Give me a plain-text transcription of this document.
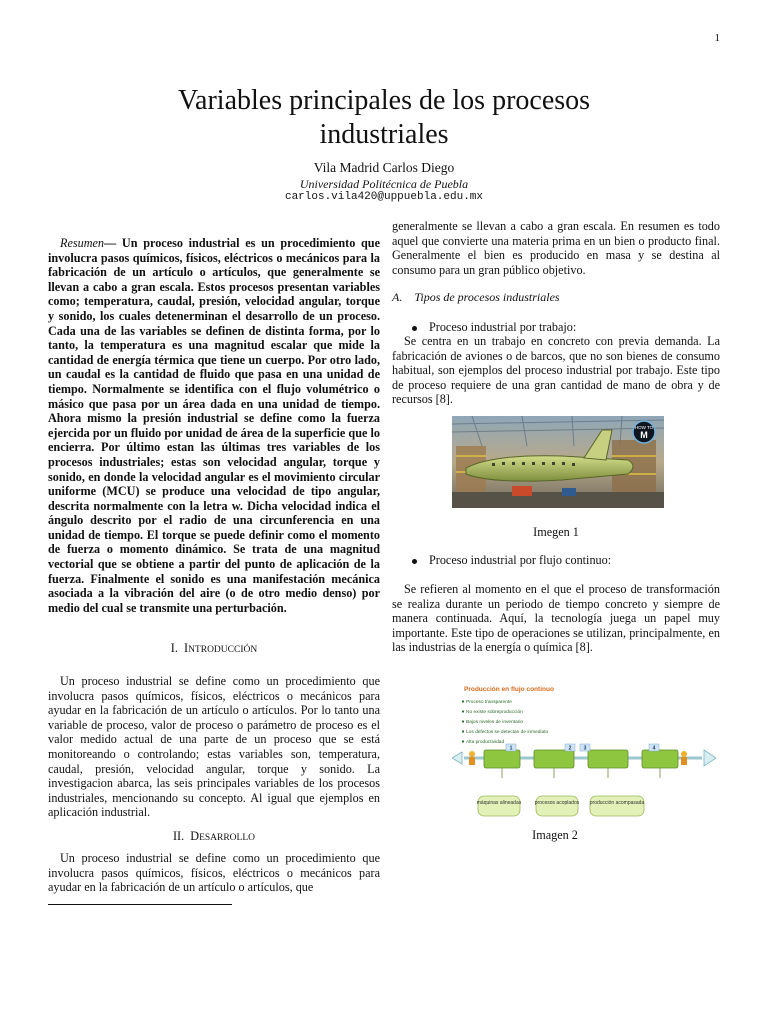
1
Variables principales de los procesos
industriales
Vila Madrid Carlos Diego
Universidad Politécnica de Puebla
carlos.vila420@uppuebla.edu.mx
Resumen— Un proceso industrial es un procedimiento que involucra pasos químicos, físicos, eléctricos o mecánicos para la fabricación de un artículo o artículos, que generalmente se llevan a cabo a gran escala. Estos procesos presentan variables como; temperatura, caudal, presión, velocidad angular, torque y sonido, los cuales detenerminan el desarrollo de un proceso. Cada una de las variables se definen de distinta forma, por lo tanto, la temperatura es una magnitud escalar que mide la cantidad de energía térmica que tiene un cuerpo. Por otro lado, un caudal es la cantidad de fluido que pasa en una unidad de tiempo. Normalmente se identifica con el flujo volumétrico o másico que pasa por un área dada en una unidad de tiempo. Ahora mismo la presión industrial se define como la fuerza ejercida por un fluido por unidad de área de la superficie que lo encierra. Por último estan las últimas tres variables de los procesos industriales; estas son velocidad angular, torque y sonido, en donde la velocidad angular es el movimiento circular uniforme (MCU) se produce una velocidad de tipo angular, descrita normalmente con la letra w. Dicha velocidad indica el ángulo descrito por el radio de una circunferencia en una unidad de tiempo. El torque se puede definir como el momento de fuerza o momento dinámico. Se trata de una magnitud vectorial que se obtiene a partir del punto de aplicación de la fuerza. Finalmente el sonido es una manifestación mecánica asociada a la vibración del aire (o de otro medio denso) por medio del cual se transmite una perturbación.
I. INTRODUCCIÓN
Un proceso industrial se define como un procedimiento que involucra pasos químicos, físicos, eléctricos o mecánicos para ayudar en la fabricación de un artículo o artículos. Por lo tanto una variable de proceso, valor de proceso o parámetro de proceso es el valor medido actual de una parte de un proceso que se está monitoreando o controlando; estas variables son, temperatura, caudal, presión, velocidad angular, torque y sonido. La investigacion abarca, las seis principales variables de los procesos industriales, mencionando su concepto. Al igual que ejemplos en aplicación industrial.
II. DESARROLLO
Un proceso industrial se define como un procedimiento que involucra pasos químicos, físicos, eléctricos o mecánicos para ayudar en la fabricación de un artículo o artículos, que
generalmente se llevan a cabo a gran escala. En resumen es todo aquel que convierte una materia prima en un bien o producto final. Generalmente el bien es producido en masa y se destina al consumo para un gran público objetivo.
A. Tipos de procesos industriales
Proceso industrial por trabajo:
Se centra en un trabajo en concreto con previa demanda. La fabricación de aviones o de barcos, que no son bienes de consumo habitual, son ejemplos del proceso industrial por trabajo. Este tipo de proceso requiere de una gran cantidad de mano de obra y de recursos [8].
HOW TO
M
Imegen 1
Proceso industrial por flujo continuo:
Se refieren al momento en el que el proceso de transformación se realiza durante un periodo de tiempo concreto y siempre de manera continuada. Aquí, la tecnología juega un papel muy importante. Este tipo de operaciones se utilizan, principalmente, en las industrias de la energía o química [8].
Producción en flujo continuo
Proceso transparente
No existe sobreproducción
Bajos niveles de inventario
Los defectos se detectan de inmediato
Alta productividad
1	2 3	4
máquinas alineadas	procesos acoplados producción acompasada
Imagen 2
